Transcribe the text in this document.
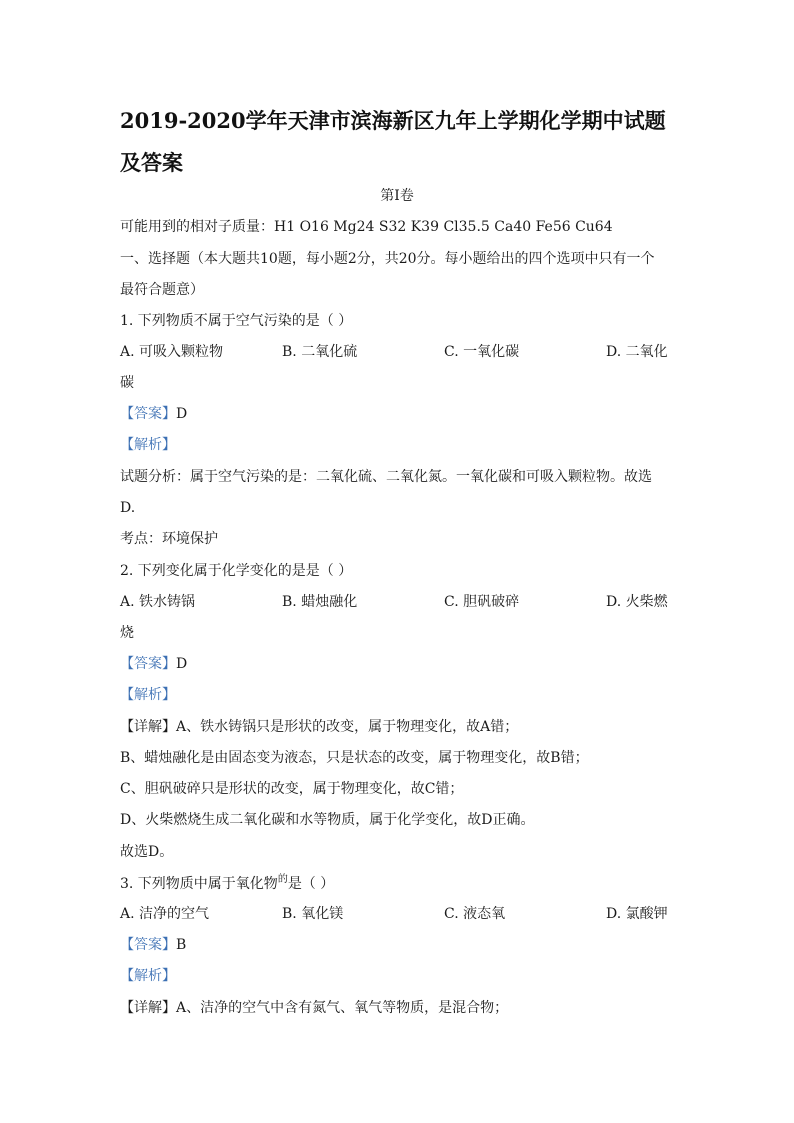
2019-2020学年天津市滨海新区九年上学期化学期中试题及答案
第Ⅰ卷
可能用到的相对子质量：H1 O16 Mg24 S32 K39 Cl35.5 Ca40 Fe56 Cu64
一、选择题（本大题共10题，每小题2分，共20分。每小题给出的四个选项中只有一个
最符合题意）
1. 下列物质不属于空气污染的是（ ）
A. 可吸入颗粒物	B. 二氧化硫	C. 一氧化碳	D. 二氧化
碳
【答案】D
【解析】
试题分析：属于空气污染的是：二氧化硫、二氧化氮。一氧化碳和可吸入颗粒物。故选
D.
考点：环境保护
2. 下列变化属于化学变化的是是（ ）
A. 铁水铸锅	B. 蜡烛融化	C. 胆矾破碎	D. 火柴燃
烧
【答案】D
【解析】
【详解】A、铁水铸锅只是形状的改变，属于物理变化，故A错；
B、蜡烛融化是由固态变为液态，只是状态的改变，属于物理变化，故B错；
C、胆矾破碎只是形状的改变，属于物理变化，故C错；
D、火柴燃烧生成二氧化碳和水等物质，属于化学变化，故D正确。
故选D。
3. 下列物质中属于氧化物$^的$是（ ）
A. 洁净的空气	B. 氧化镁	C. 液态氧	D. 氯酸钾
【答案】B
【解析】
【详解】A、洁净的空气中含有氮气、氧气等物质，是混合物；
